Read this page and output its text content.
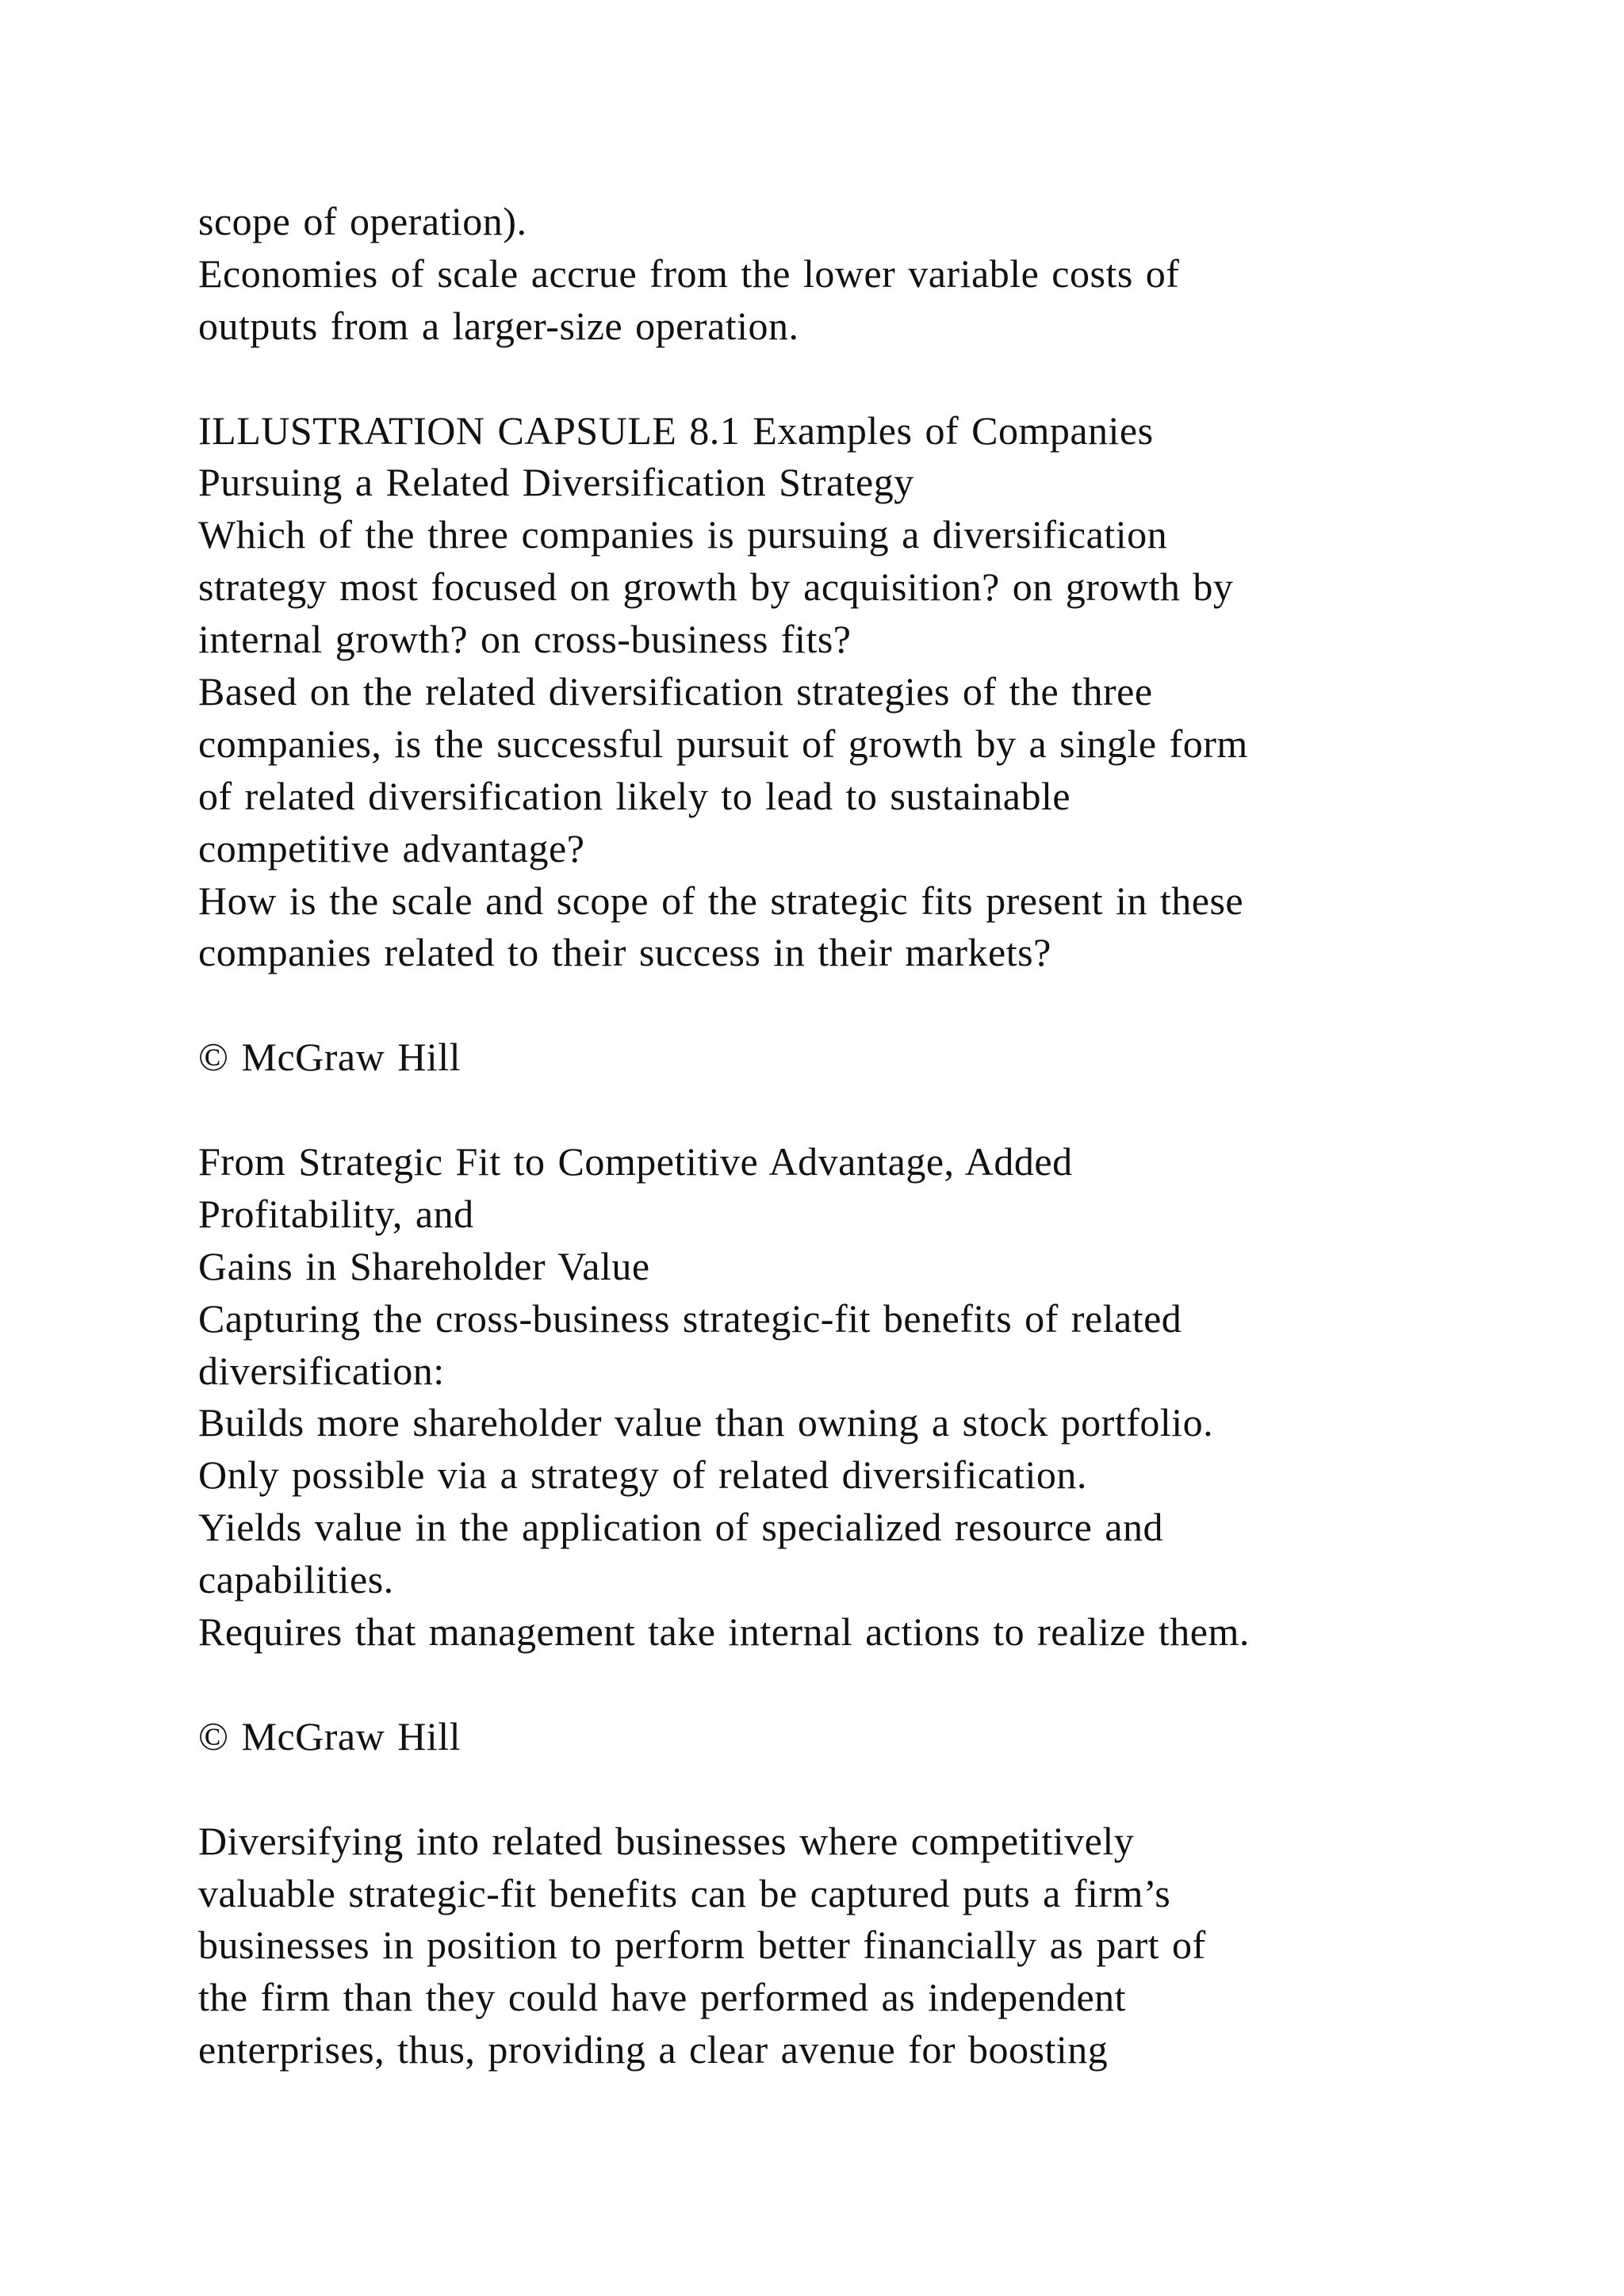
scope of operation).
Economies of scale accrue from the lower variable costs of
outputs from a larger-size operation.
ILLUSTRATION CAPSULE 8.1 Examples of Companies
Pursuing a Related Diversification Strategy
Which of the three companies is pursuing a diversification
strategy most focused on growth by acquisition? on growth by
internal growth? on cross-business fits?
Based on the related diversification strategies of the three
companies, is the successful pursuit of growth by a single form
of related diversification likely to lead to sustainable
competitive advantage?
How is the scale and scope of the strategic fits present in these
companies related to their success in their markets?
© McGraw Hill
From Strategic Fit to Competitive Advantage, Added
Profitability, and
Gains in Shareholder Value
Capturing the cross-business strategic-fit benefits of related
diversification:
Builds more shareholder value than owning a stock portfolio.
Only possible via a strategy of related diversification.
Yields value in the application of specialized resource and
capabilities.
Requires that management take internal actions to realize them.
© McGraw Hill
Diversifying into related businesses where competitively
valuable strategic-fit benefits can be captured puts a firm’s
businesses in position to perform better financially as part of
the firm than they could have performed as independent
enterprises, thus, providing a clear avenue for boosting
